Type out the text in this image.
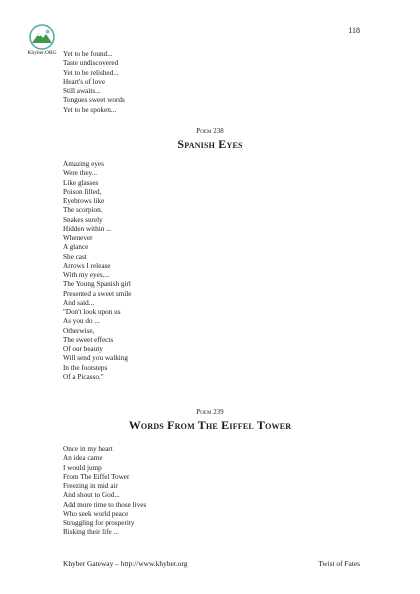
118
Khyber.ORG Yet to be found...
Taste undiscovered
Yet to be relished...
Heart's of love
Still awaits...
Tongues sweet words
Yet to be spoken...
Poem 238
Spanish Eyes
Amazing eyes
Were they...
Like glasses
Poison filled,
Eyebrows like
The scorpion.
Snakes surely
Hidden within ...
Whenever
A glance
She cast
Arrows I release
With my eyes....
The Young Spanish girl
Presented a sweet smile
And said...
"Don't look upon us
As you do ...
Otherwise,
The sweet effects
Of our beauty
Will send you walking
In the footsteps
Of a Picasso."
Poem 239
Words From The Eiffel Tower
Once in my heart
An idea came
I would jump
From The Eiffel Tower
Freezing in mid air
And shout to God...
Add more time to those lives
Who seek world peace
Struggling for prosperity
Risking their life ...
Khyber Gateway – http://www.khyber.org	Twist of Fates
